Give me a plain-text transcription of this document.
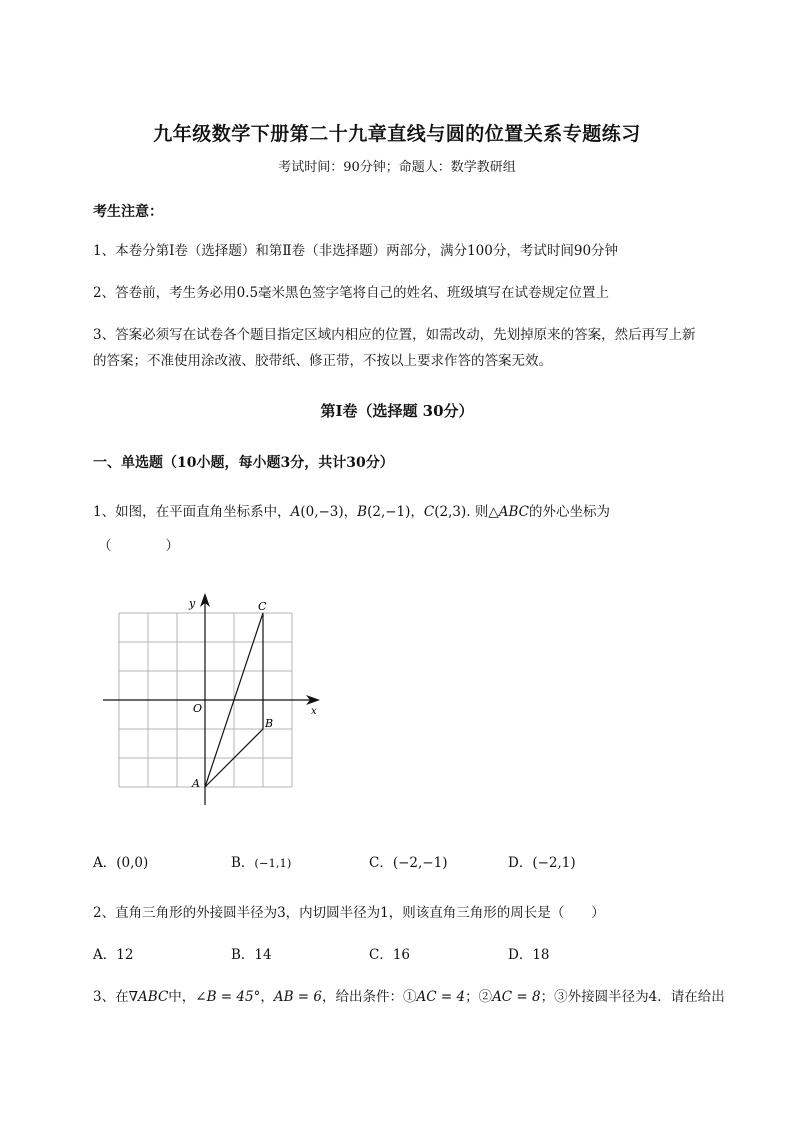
九年级数学下册第二十九章直线与圆的位置关系专题练习
考试时间：90分钟；命题人：数学教研组
考生注意：
1、本卷分第Ⅰ卷（选择题）和第Ⅱ卷（非选择题）两部分，满分100分，考试时间90分钟
2、答卷前，考生务必用0.5毫米黑色签字笔将自己的姓名、班级填写在试卷规定位置上
3、答案必须写在试卷各个题目指定区域内相应的位置，如需改动，先划掉原来的答案，然后再写上新
的答案；不准使用涂改液、胶带纸、修正带，不按以上要求作答的答案无效。
第Ⅰ卷（选择题 30分）
一、单选题（10小题，每小题3分，共计30分）
1、如图，在平面直角坐标系中，A(0,−3)，B(2,−1)，C(2,3). 则△ABC的外心坐标为
（　　　　）
y
x
O
A
B
C
A．(0,0)	B．(−1,1)	C．(−2,−1)	D．(−2,1)
2、直角三角形的外接圆半径为3，内切圆半径为1，则该直角三角形的周长是（　　）
A．12	B．14	C．16	D．18
3、在∇ABC中，∠B = 45°，AB = 6，给出条件：①AC = 4；②AC = 8；③外接圆半径为4．请在给出
